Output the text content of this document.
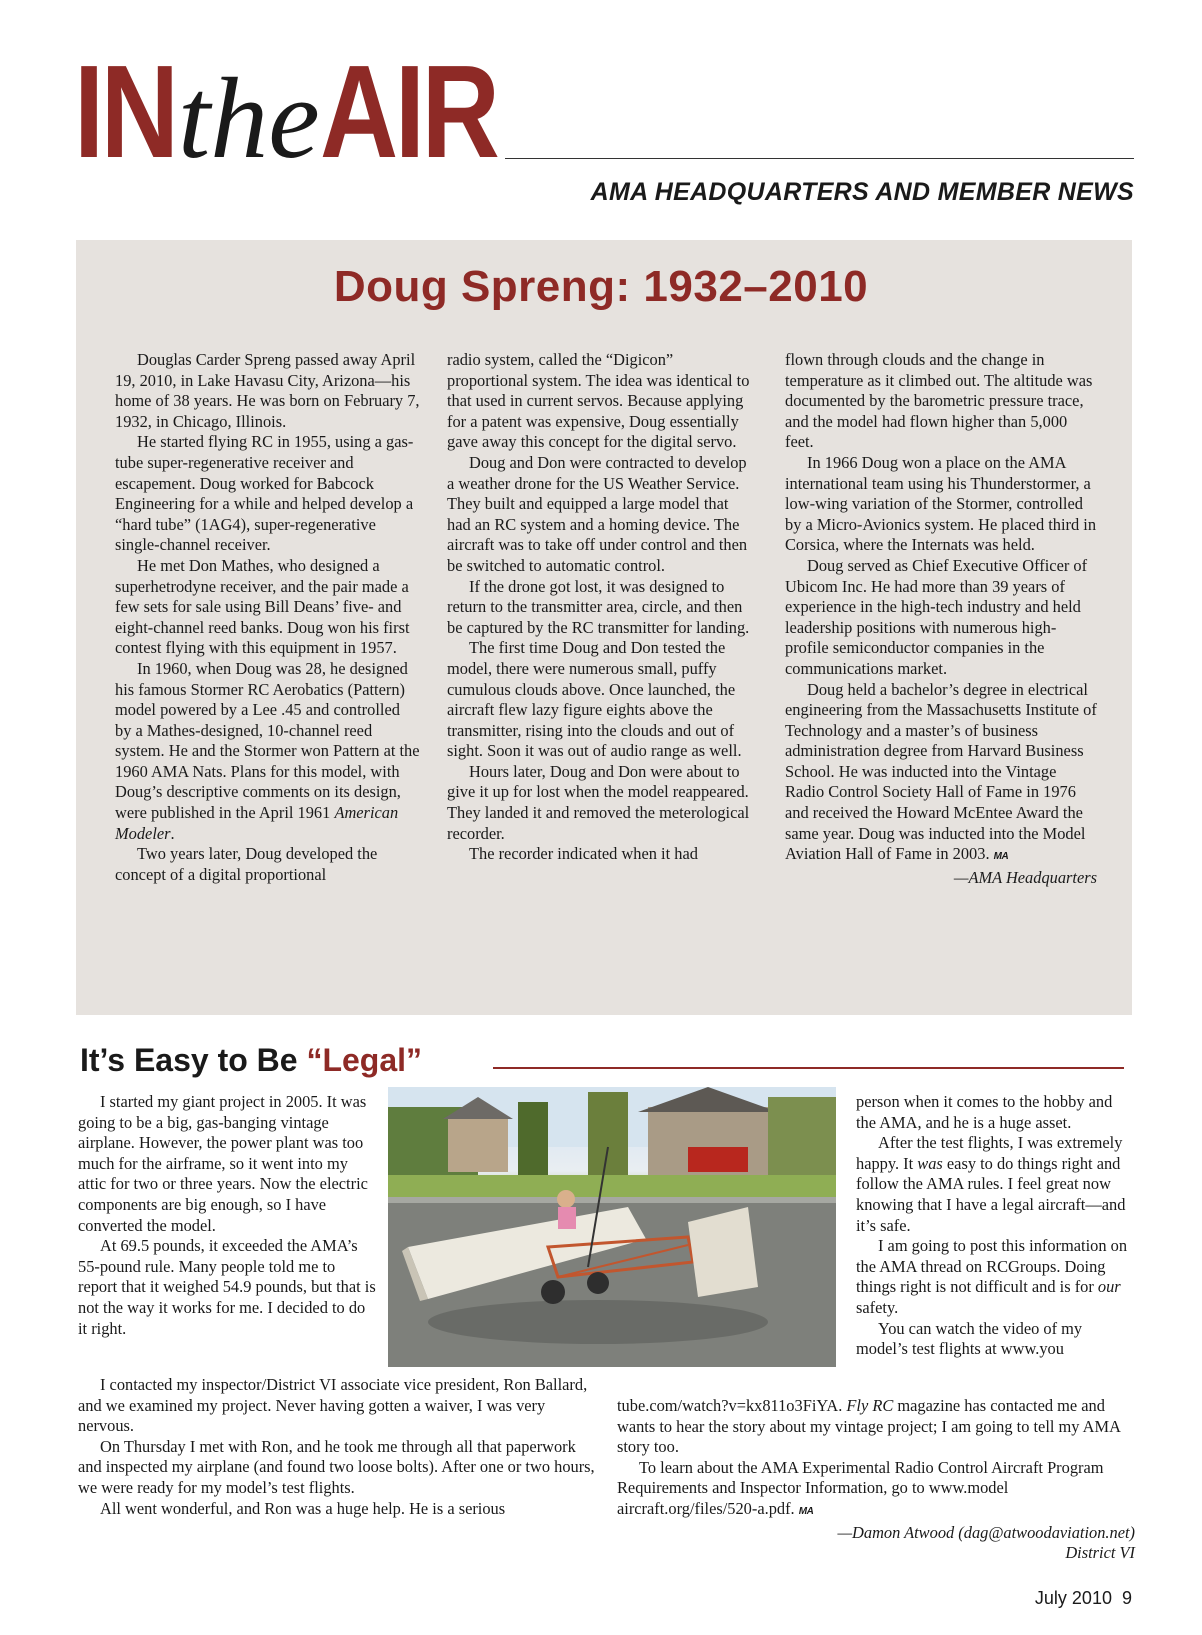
INtheAIR
AMA HEADQUARTERS AND MEMBER NEWS
Doug Spreng: 1932–2010

Douglas Carder Spreng passed away April 19, 2010, in Lake Havasu City, Arizona—his home of 38 years. He was born on February 7, 1932, in Chicago, Illinois.

He started flying RC in 1955, using a gas-tube super-regenerative receiver and escapement. Doug worked for Babcock Engineering for a while and helped develop a “hard tube” (1AG4), super-regenerative single-channel receiver.

He met Don Mathes, who designed a superhetrodyne receiver, and the pair made a few sets for sale using Bill Deans’ five- and eight-channel reed banks. Doug won his first contest flying with this equipment in 1957.

In 1960, when Doug was 28, he designed his famous Stormer RC Aerobatics (Pattern) model powered by a Lee .45 and controlled by a Mathes-designed, 10-channel reed system. He and the Stormer won Pattern at the 1960 AMA Nats. Plans for this model, with Doug’s descriptive comments on its design, were published in the April 1961 American Modeler.

Two years later, Doug developed the concept of a digital proportional

radio system, called the “Digicon” proportional system. The idea was identical to that used in current servos. Because applying for a patent was expensive, Doug essentially gave away this concept for the digital servo.

Doug and Don were contracted to develop a weather drone for the US Weather Service. They built and equipped a large model that had an RC system and a homing device. The aircraft was to take off under control and then be switched to automatic control.

If the drone got lost, it was designed to return to the transmitter area, circle, and then be captured by the RC transmitter for landing.

The first time Doug and Don tested the model, there were numerous small, puffy cumulous clouds above. Once launched, the aircraft flew lazy figure eights above the transmitter, rising into the clouds and out of sight. Soon it was out of audio range as well.

Hours later, Doug and Don were about to give it up for lost when the model reappeared. They landed it and removed the meterological recorder.

The recorder indicated when it had

flown through clouds and the change in temperature as it climbed out. The altitude was documented by the barometric pressure trace, and the model had flown higher than 5,000 feet.

In 1966 Doug won a place on the AMA international team using his Thunderstormer, a low-wing variation of the Stormer, controlled by a Micro-Avionics system. He placed third in Corsica, where the Internats was held.

Doug served as Chief Executive Officer of Ubicom Inc. He had more than 39 years of experience in the high-tech industry and held leadership positions with numerous high-profile semiconductor companies in the communications market.

Doug held a bachelor’s degree in electrical engineering from the Massachusetts Institute of Technology and a master’s of business administration degree from Harvard Business School. He was inducted into the Vintage Radio Control Society Hall of Fame in 1976 and received the Howard McEntee Award the same year. Doug was inducted into the Model Aviation Hall of Fame in 2003. MA

—AMA Headquarters

It’s Easy to Be “Legal”

I started my giant project in 2005. It was going to be a big, gas-banging vintage airplane. However, the power plant was too much for the airframe, so it went into my attic for two or three years. Now the electric components are big enough, so I have converted the model.

At 69.5 pounds, it exceeded the AMA’s 55-pound rule. Many people told me to report that it weighed 54.9 pounds, but that is not the way it works for me. I decided to do it right.

I contacted my inspector/District VI associate vice president, Ron Ballard, and we examined my project. Never having gotten a waiver, I was very nervous.

On Thursday I met with Ron, and he took me through all that paperwork and inspected my airplane (and found two loose bolts). After one or two hours, we were ready for my model’s test flights.

All went wonderful, and Ron was a huge help. He is a serious

person when it comes to the hobby and the AMA, and he is a huge asset.

After the test flights, I was extremely happy. It was easy to do things right and follow the AMA rules. I feel great now knowing that I have a legal aircraft—and it’s safe.

I am going to post this information on the AMA thread on RCGroups. Doing things right is not difficult and is for our safety.

You can watch the video of my model’s test flights at www.you

tube.com/watch?v=kx811o3FiYA. Fly RC magazine has contacted me and wants to hear the story about my vintage project; I am going to tell my AMA story too.

To learn about the AMA Experimental Radio Control Aircraft Program Requirements and Inspector Information, go to www.model aircraft.org/files/520-a.pdf. MA

—Damon Atwood (dag@atwoodaviation.net)

District VI

July 2010 9
